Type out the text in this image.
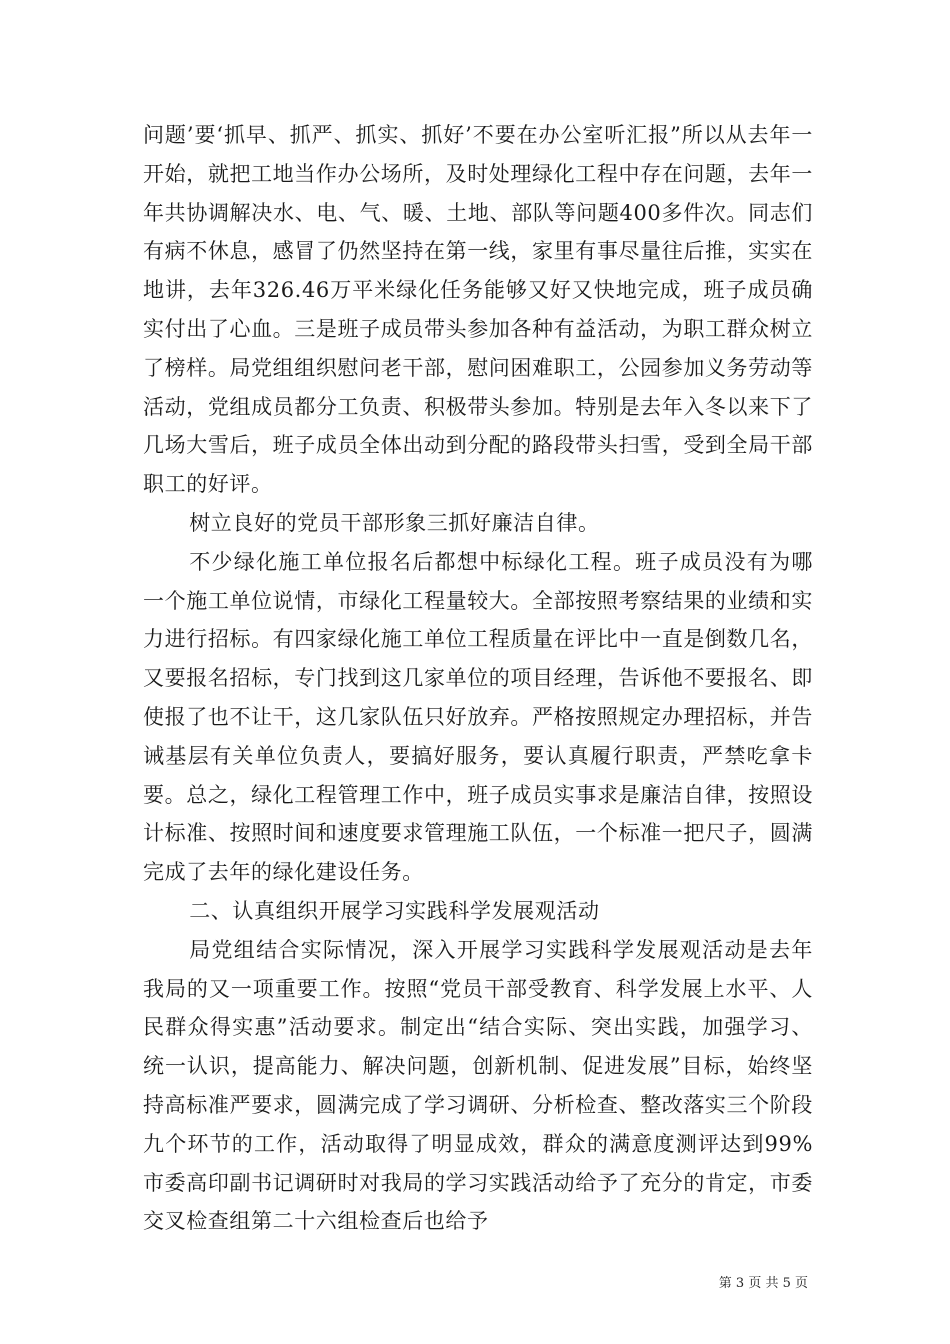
问题’要‘抓早、抓严、抓实、抓好’不要在办公室听汇报”所以从去年一开始，就把工地当作办公场所，及时处理绿化工程中存在问题，去年一年共协调解决水、电、气、暖、土地、部队等问题400多件次。同志们有病不休息，感冒了仍然坚持在第一线，家里有事尽量往后推，实实在地讲，去年326.46万平米绿化任务能够又好又快地完成，班子成员确实付出了心血。三是班子成员带头参加各种有益活动，为职工群众树立了榜样。局党组组织慰问老干部，慰问困难职工，公园参加义务劳动等活动，党组成员都分工负责、积极带头参加。特别是去年入冬以来下了几场大雪后，班子成员全体出动到分配的路段带头扫雪，受到全局干部职工的好评。

树立良好的党员干部形象三抓好廉洁自律。

不少绿化施工单位报名后都想中标绿化工程。班子成员没有为哪一个施工单位说情，市绿化工程量较大。全部按照考察结果的业绩和实力进行招标。有四家绿化施工单位工程质量在评比中一直是倒数几名，又要报名招标，专门找到这几家单位的项目经理，告诉他不要报名、即使报了也不让干，这几家队伍只好放弃。严格按照规定办理招标，并告诫基层有关单位负责人，要搞好服务，要认真履行职责，严禁吃拿卡要。总之，绿化工程管理工作中，班子成员实事求是廉洁自律，按照设计标准、按照时间和速度要求管理施工队伍，一个标准一把尺子，圆满完成了去年的绿化建设任务。

二、认真组织开展学习实践科学发展观活动

局党组结合实际情况，深入开展学习实践科学发展观活动是去年我局的又一项重要工作。按照“党员干部受教育、科学发展上水平、人民群众得实惠”活动要求。制定出“结合实际、突出实践，加强学习、统一认识，提高能力、解决问题，创新机制、促进发展”目标，始终坚持高标准严要求，圆满完成了学习调研、分析检查、整改落实三个阶段九个环节的工作，活动取得了明显成效，群众的满意度测评达到99%市委高印副书记调研时对我局的学习实践活动给予了充分的肯定，市委交叉检查组第二十六组检查后也给予

第 3 页 共 5 页
